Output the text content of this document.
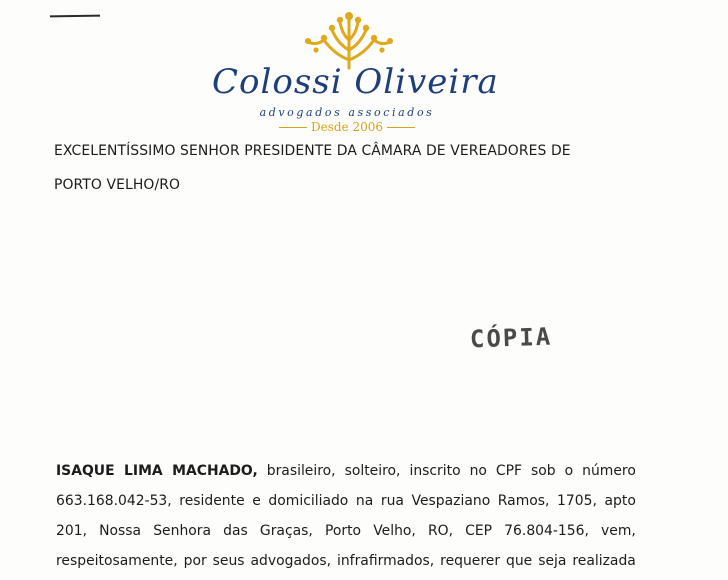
Colossi Oliveira
advogados associados
Desde 2006
EXCELENTÍSSIMO SENHOR PRESIDENTE DA CÂMARA DE VEREADORES DE
PORTO VELHO/RO
CÓPIA
ISAQUE LIMA MACHADO, brasileiro, solteiro, inscrito no CPF sob o número
663.168.042-53, residente e domiciliado na rua Vespaziano Ramos, 1705, apto
201, Nossa Senhora das Graças, Porto Velho, RO, CEP 76.804-156, vem,
respeitosamente, por seus advogados, infrafirmados, requerer que seja realizada
